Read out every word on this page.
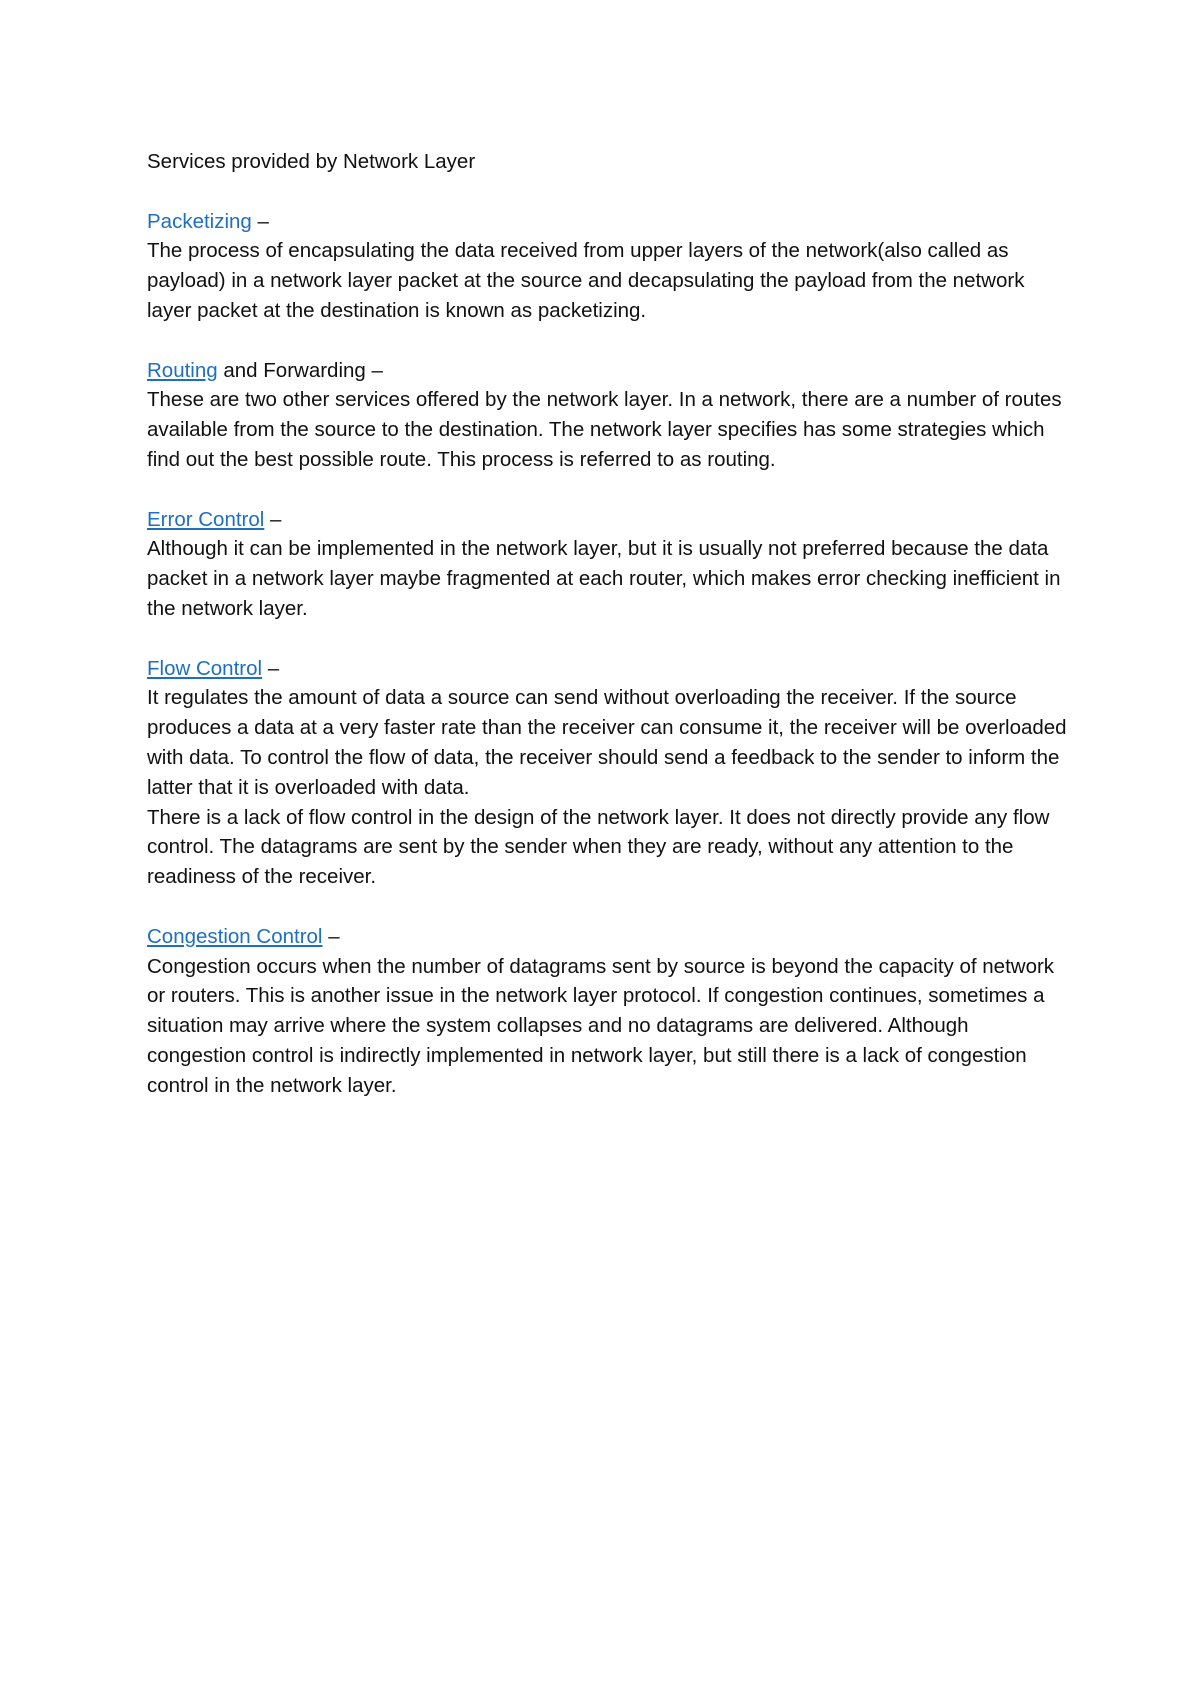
Services provided by Network Layer

Packetizing –

The process of encapsulating the data received from upper layers of the network(also called as payload) in a network layer packet at the source and decapsulating the payload from the network layer packet at the destination is known as packetizing.

Routing and Forwarding –

These are two other services offered by the network layer. In a network, there are a number of routes available from the source to the destination. The network layer specifies has some strategies which find out the best possible route. This process is referred to as routing.

Error Control –

Although it can be implemented in the network layer, but it is usually not preferred because the data packet in a network layer maybe fragmented at each router, which makes error checking inefficient in the network layer.

Flow Control –

It regulates the amount of data a source can send without overloading the receiver. If the source produces a data at a very faster rate than the receiver can consume it, the receiver will be overloaded with data. To control the flow of data, the receiver should send a feedback to the sender to inform the latter that it is overloaded with data.

There is a lack of flow control in the design of the network layer. It does not directly provide any flow control. The datagrams are sent by the sender when they are ready, without any attention to the readiness of the receiver.

Congestion Control –

Congestion occurs when the number of datagrams sent by source is beyond the capacity of network or routers. This is another issue in the network layer protocol. If congestion continues, sometimes a situation may arrive where the system collapses and no datagrams are delivered. Although congestion control is indirectly implemented in network layer, but still there is a lack of congestion control in the network layer.
